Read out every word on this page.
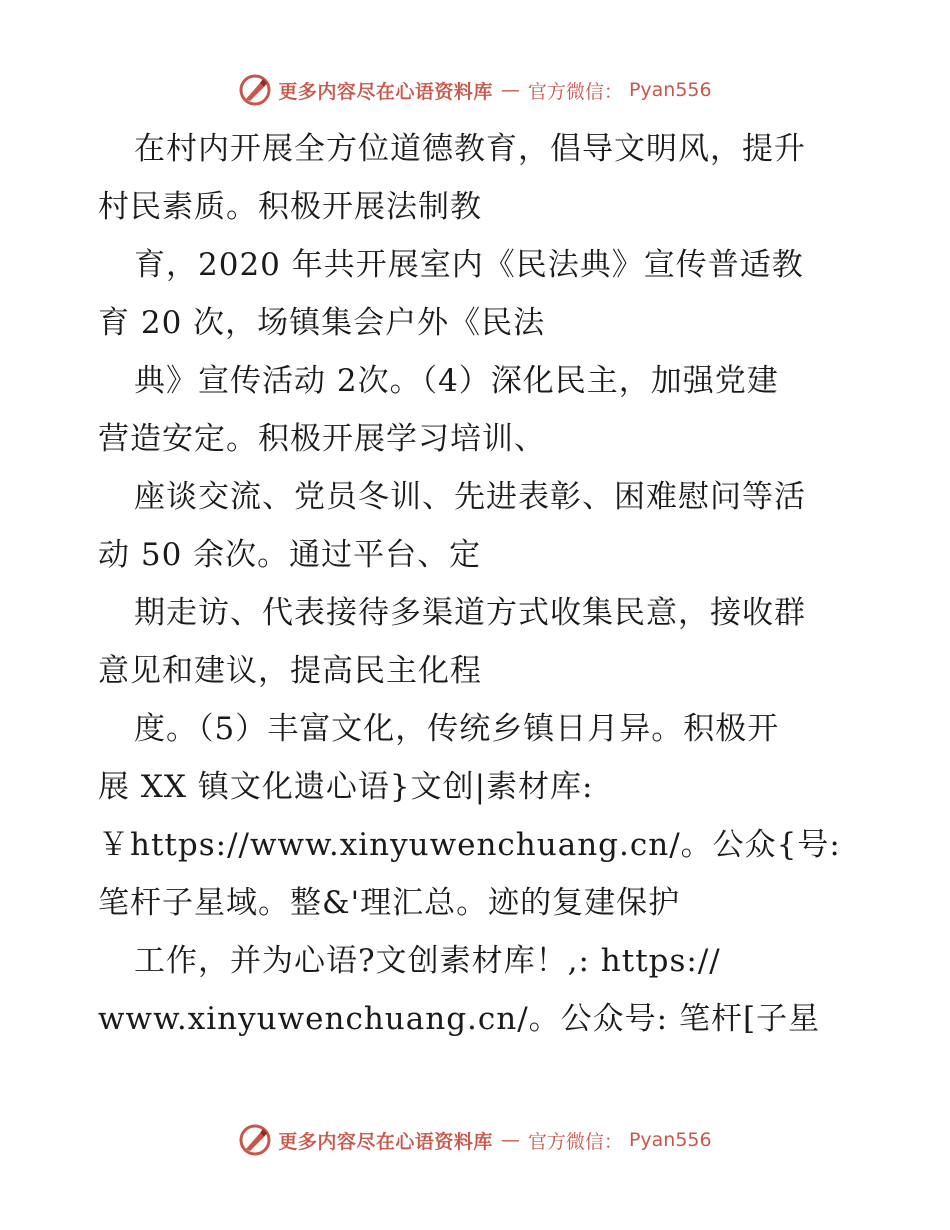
更多内容尽在心语资料库 — 官方微信： Pyan556
在村内开展全方位道德教育，倡导文明风，提升
村民素质。积极开展法制教
育，2020 年共开展室内《民法典》宣传普适教
育 20 次，场镇集会户外《民法
典》宣传活动 2次。（4）深化民主，加强党建
营造安定。积极开展学习培训、
座谈交流、党员冬训、先进表彰、困难慰问等活
动 50 余次。通过平台、定
期走访、代表接待多渠道方式收集民意，接收群
意见和建议，提高民主化程
度。（5）丰富文化，传统乡镇日月异。积极开
展 XX 镇文化遗心语}文创|素材库:
￥https://www.xinyuwenchuang.cn/。公众{号:
笔杆子星域。整&'理汇总。迹的复建保护
工作，并为心语?文创素材库！,: https://
www.xinyuwenchuang.cn/。公众号: 笔杆[子星
更多内容尽在心语资料库 — 官方微信： Pyan556
